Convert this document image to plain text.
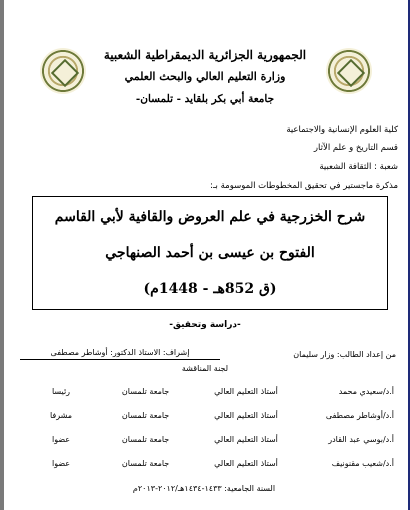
الجمهورية الجزائرية الديمقراطية الشعبية
وزارة التعليم العالي والبحث العلمي
جامعة أبي بكر بلقايد - تلمسان-
كلية العلوم الإنسانية والاجتماعية
قسم التاريخ و علم الآثار
شعبة : الثقافة الشعبية
مذكرة ماجستير في تحقيق المخطوطات الموسومة بـ:
شرح الخزرجية في علم العروض والقافية لأبي القاسم
الفتوح بن عيسى بن أحمد الصنهاجي
(ق 852هـ - 1448م)
-دراسة وتحقيق-
من إعداد الطالب: وزار سليمان
إشراف: الاستاذ الدكتور: أوشاطر مصطفى
لجنة المناقشة
أ.د/سعيدي محمد	أستاذ التعليم العالي	جامعة تلمسان	رئيسا
أ.د/أوشاطر مصطفى	أستاذ التعليم العالي	جامعة تلمسان	مشرفا
أ.د/بوسي عبد القادر	أستاذ التعليم العالي	جامعة تلمسان	عضوا
أ.د/شعيب مقنونيف	أستاذ التعليم العالي	جامعة تلمسان	عضوا
السنة الجامعية: ١٤٣٣-١٤٣٤هـ/٢٠١٢-٢٠١٣م
